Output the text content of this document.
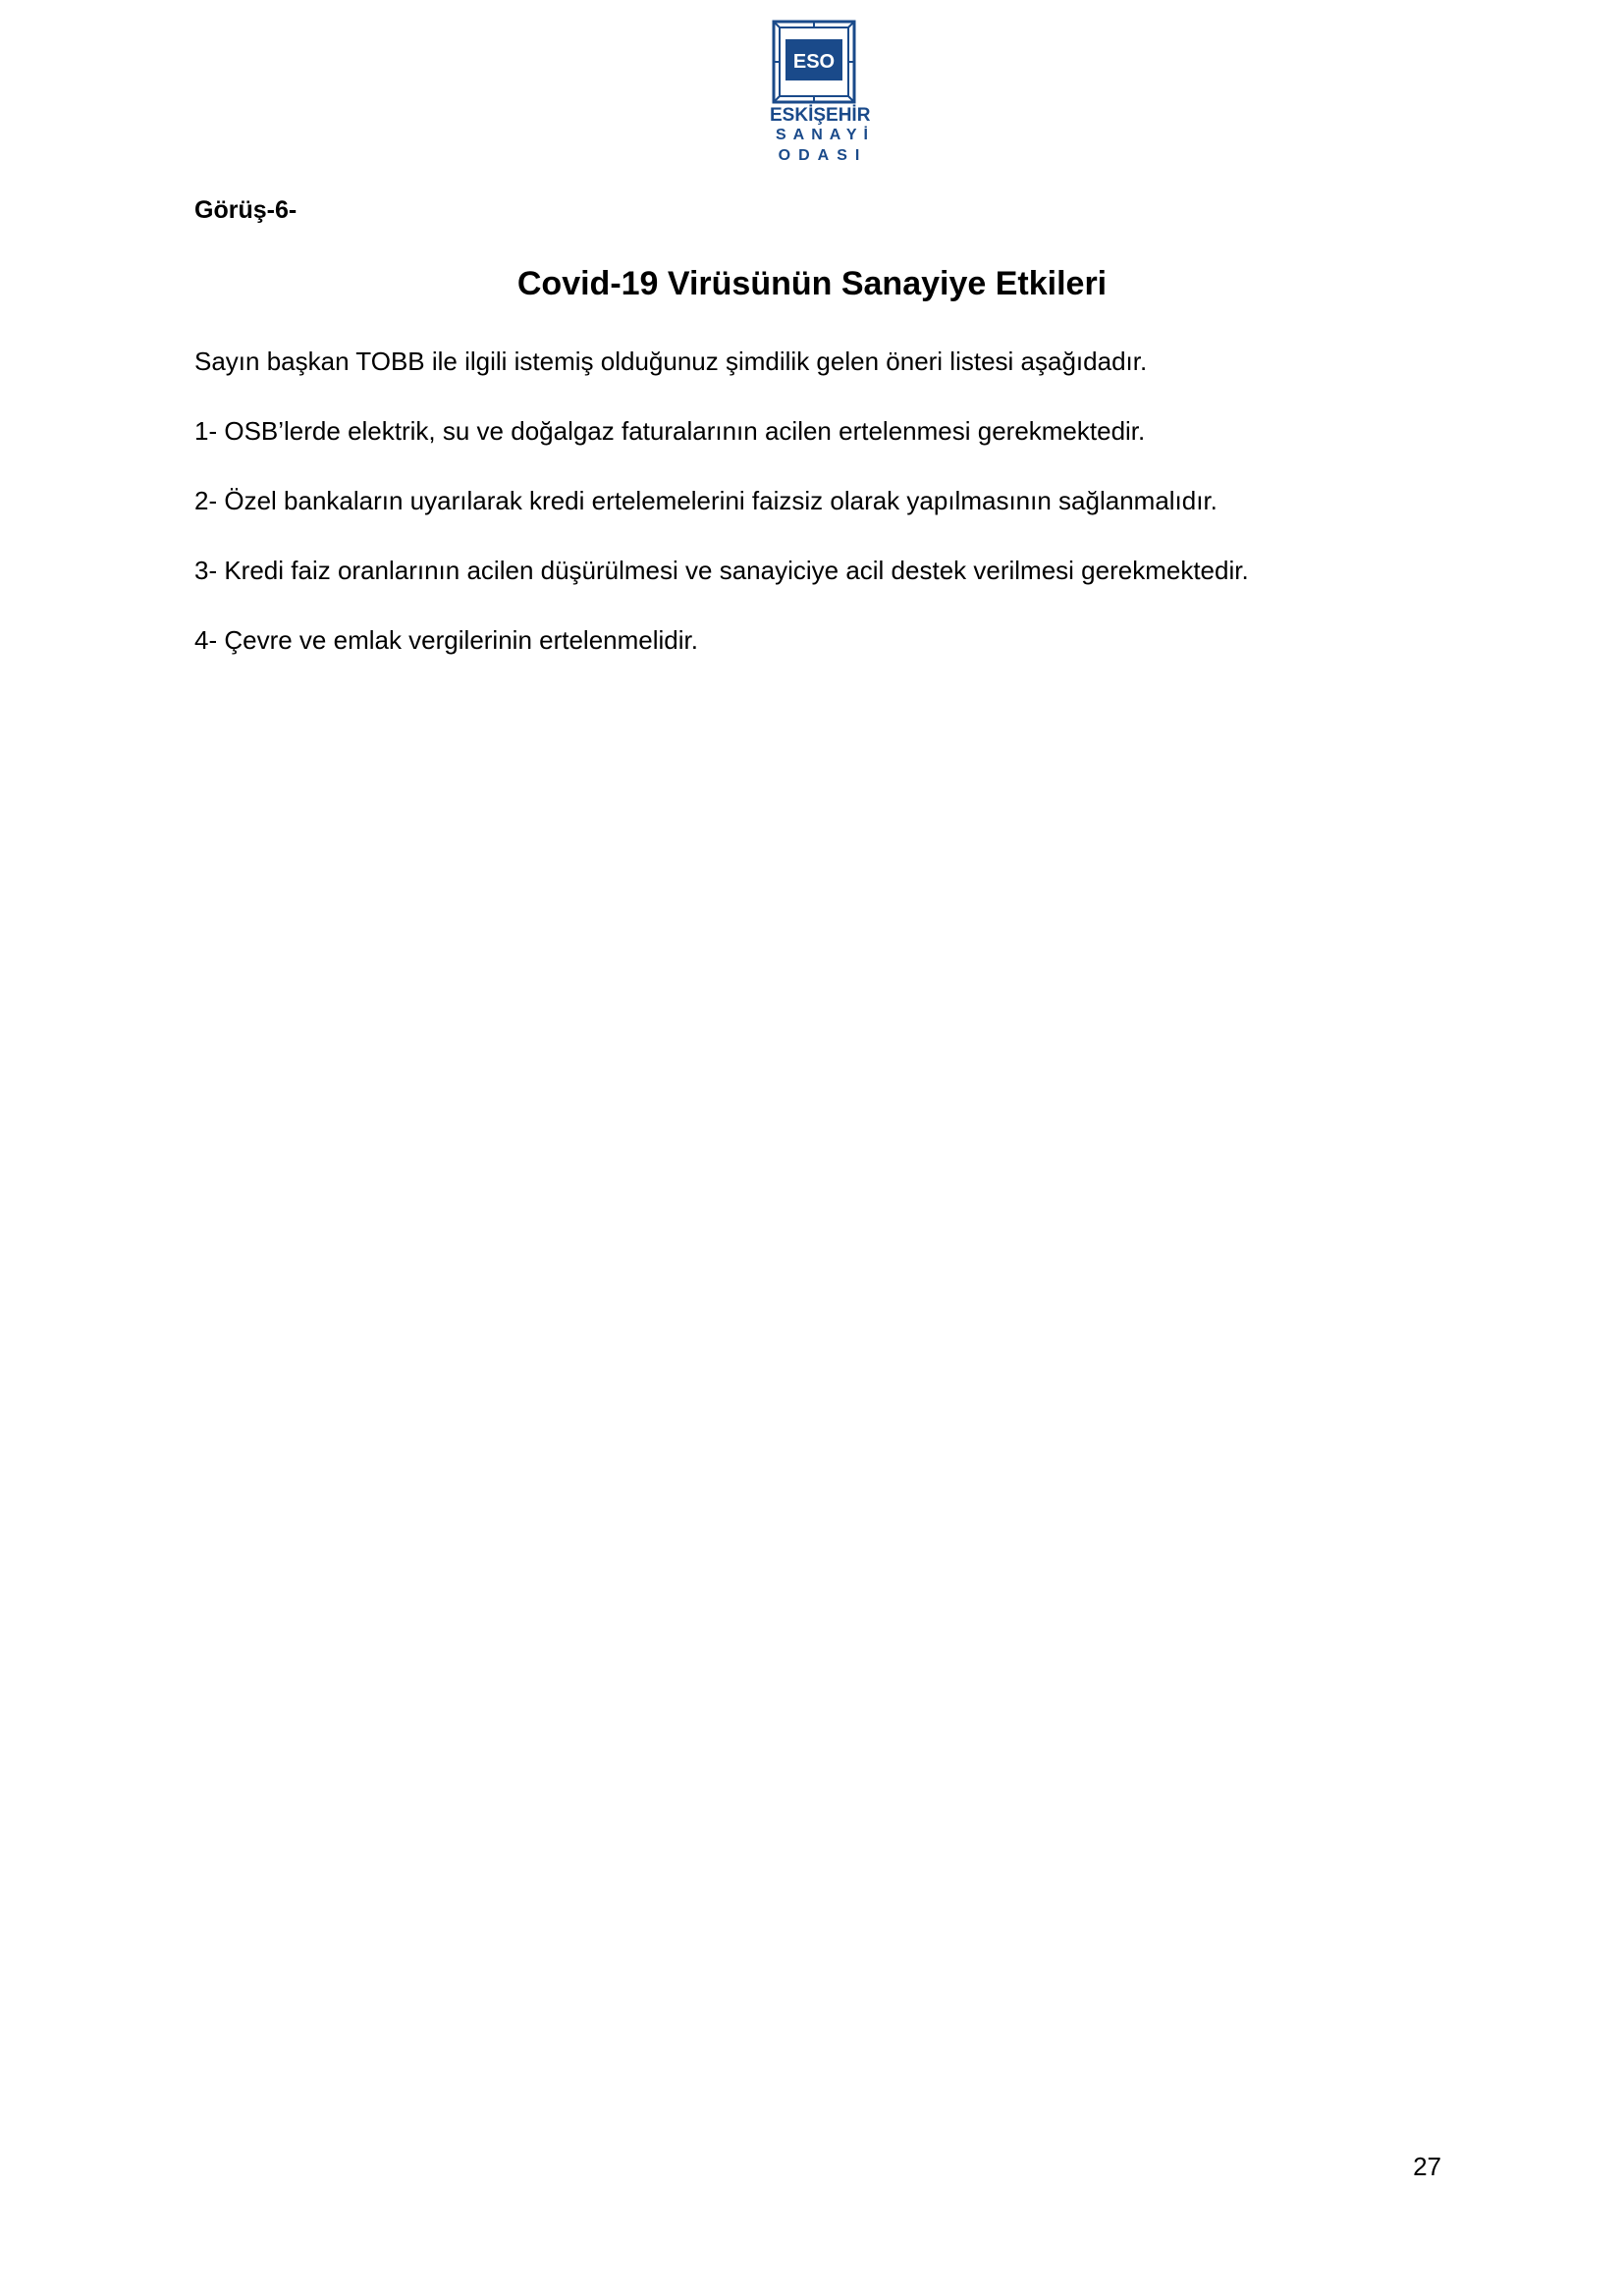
ESO
ESKİŞEHİR
SANAYİ
ODASI
Görüş-6-
Covid-19 Virüsünün Sanayiye Etkileri

Sayın başkan TOBB ile ilgili istemiş olduğunuz şimdilik gelen öneri listesi aşağıdadır.

1- OSB’lerde elektrik, su ve doğalgaz faturalarının acilen ertelenmesi gerekmektedir.

2- Özel bankaların uyarılarak kredi ertelemelerini faizsiz olarak yapılmasının sağlanmalıdır.

3- Kredi faiz oranlarının acilen düşürülmesi ve sanayiciye acil destek verilmesi gerekmektedir.

4- Çevre ve emlak vergilerinin ertelenmelidir.

27
